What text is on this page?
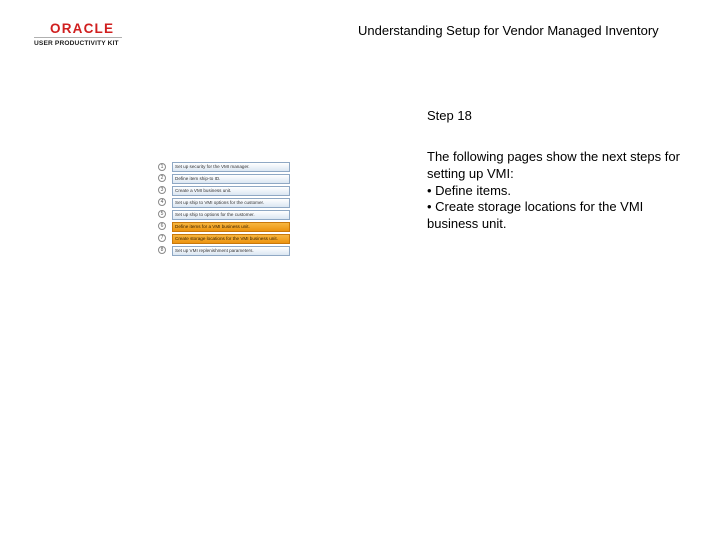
ORACLE
USER PRODUCTIVITY KIT
Understanding Setup for Vendor Managed Inventory
Step 18

The following pages show the next steps for setting up VMI:

• Define items.

• Create storage locations for the VMI business unit.

1	Set up security for the VMI manager.
2	Define item ship-to ID.
3	Create a VMI business unit.
4	Set up ship to VMI options for the customer.
5	Set up ship to options for the customer.
6	Define items for a VMI business unit.
7	Create storage locations for the VMI business unit.
8	Set up VMI replenishment parameters.
